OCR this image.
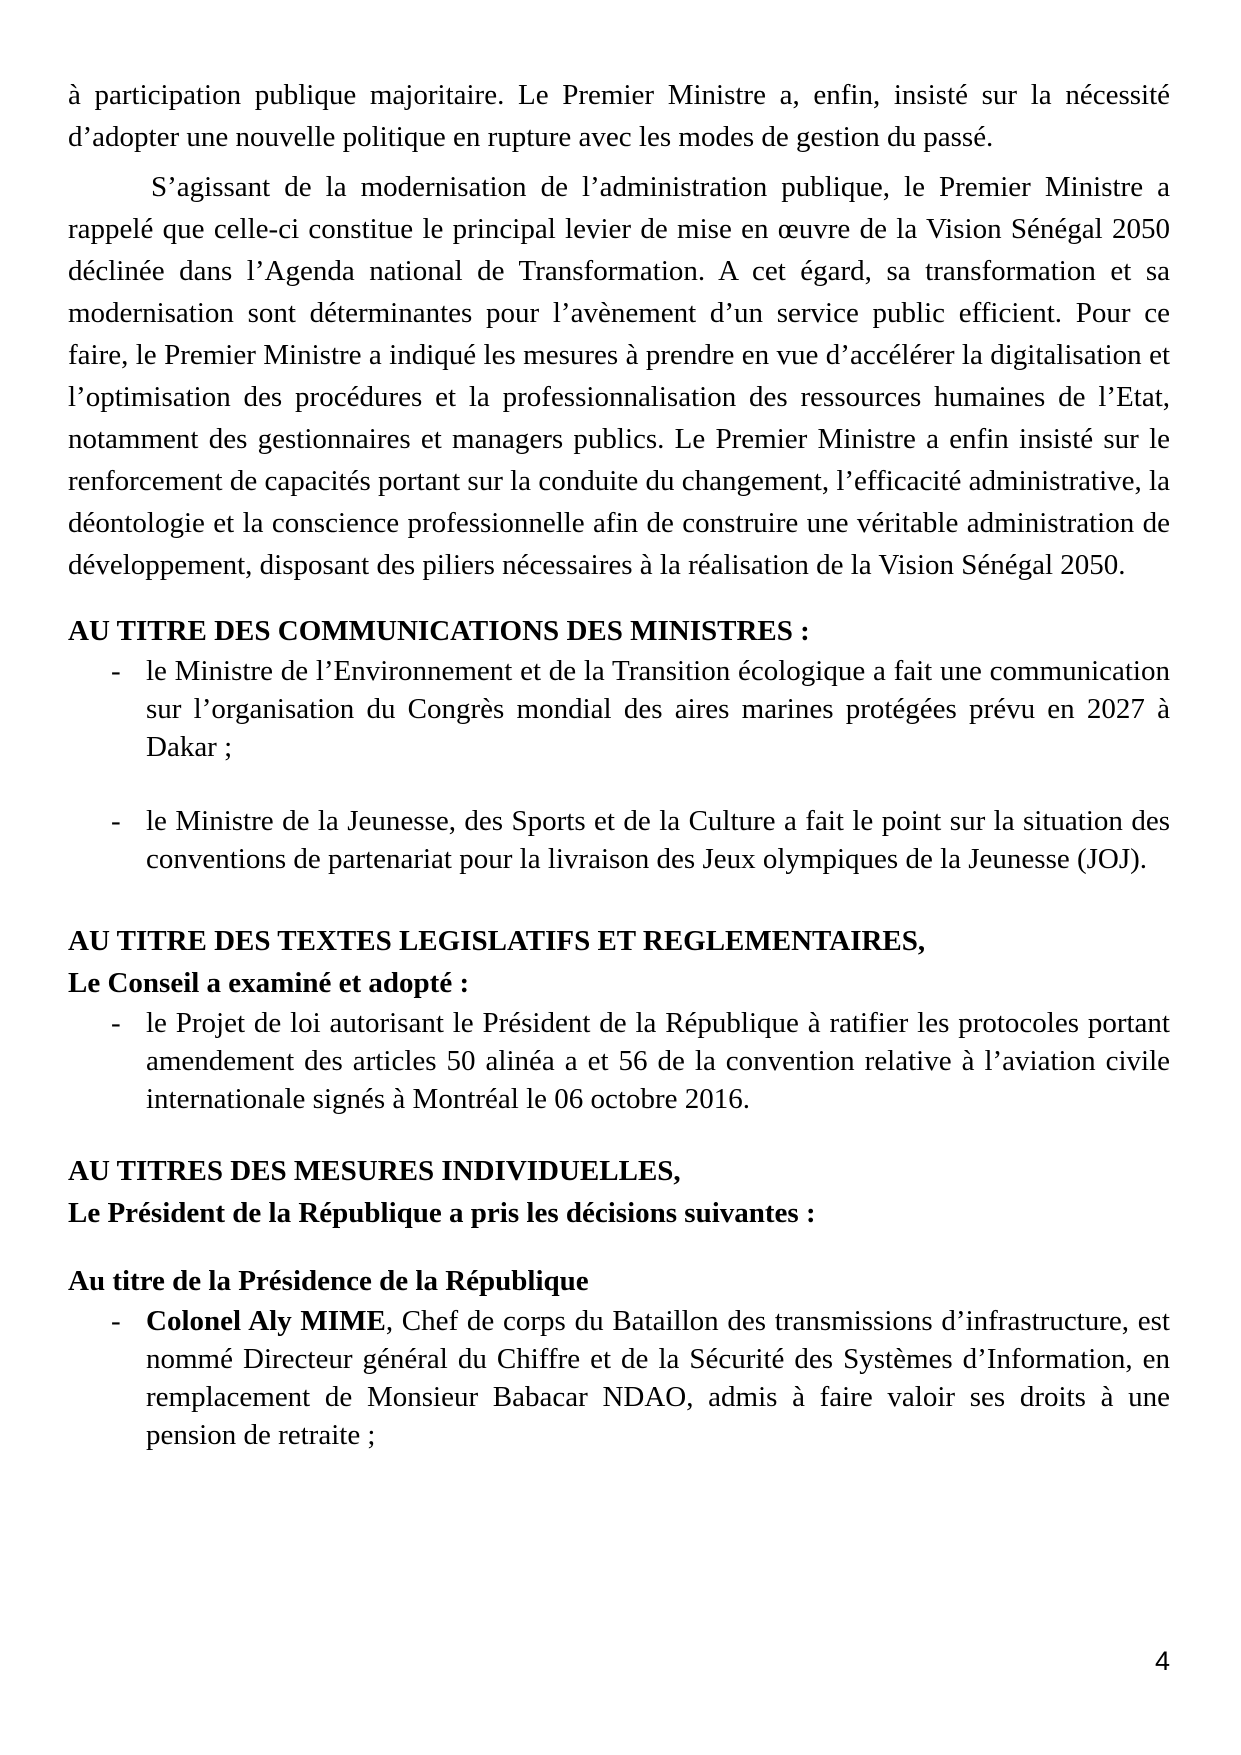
à participation publique majoritaire. Le Premier Ministre a, enfin, insisté sur la nécessité d’adopter une nouvelle politique en rupture avec les modes de gestion du passé.

S’agissant de la modernisation de l’administration publique, le Premier Ministre a rappelé que celle-ci constitue le principal levier de mise en œuvre de la Vision Sénégal 2050 déclinée dans l’Agenda national de Transformation. A cet égard, sa transformation et sa modernisation sont déterminantes pour l’avènement d’un service public efficient. Pour ce faire, le Premier Ministre a indiqué les mesures à prendre en vue d’accélérer la digitalisation et l’optimisation des procédures et la professionnalisation des ressources humaines de l’Etat, notamment des gestionnaires et managers publics. Le Premier Ministre a enfin insisté sur le renforcement de capacités portant sur la conduite du changement, l’efficacité administrative, la déontologie et la conscience professionnelle afin de construire une véritable administration de développement, disposant des piliers nécessaires à la réalisation de la Vision Sénégal 2050.

AU TITRE DES COMMUNICATIONS DES MINISTRES :
- le Ministre de l’Environnement et de la Transition écologique a fait une communication sur l’organisation du Congrès mondial des aires marines protégées prévu en 2027 à Dakar ;
- le Ministre de la Jeunesse, des Sports et de la Culture a fait le point sur la situation des conventions de partenariat pour la livraison des Jeux olympiques de la Jeunesse (JOJ).
AU TITRE DES TEXTES LEGISLATIFS ET REGLEMENTAIRES,
Le Conseil a examiné et adopté :
- le Projet de loi autorisant le Président de la République à ratifier les protocoles portant amendement des articles 50 alinéa a et 56 de la convention relative à l’aviation civile internationale signés à Montréal le 06 octobre 2016.
AU TITRES DES MESURES INDIVIDUELLES,
Le Président de la République a pris les décisions suivantes :
Au titre de la Présidence de la République
- Colonel Aly MIME, Chef de corps du Bataillon des transmissions d’infrastructure, est nommé Directeur général du Chiffre et de la Sécurité des Systèmes d’Information, en remplacement de Monsieur Babacar NDAO, admis à faire valoir ses droits à une pension de retraite ;
4
